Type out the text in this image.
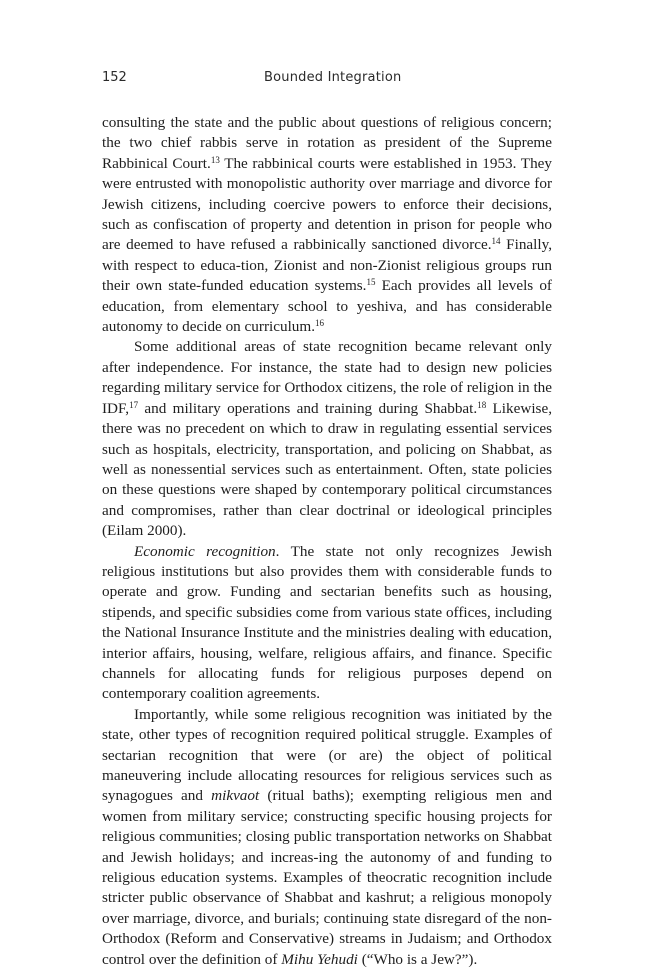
152	Bounded Integration

consulting the state and the public about questions of religious concern; the two chief rabbis serve in rotation as president of the Supreme Rabbinical Court.$^{13}$ The rabbinical courts were established in 1953. They were entrusted with monopolistic authority over marriage and divorce for Jewish citizens, including coercive powers to enforce their decisions, such as confiscation of property and detention in prison for people who are deemed to have refused a rabbinically sanctioned divorce.$^{14}$ Finally, with respect to educa-tion, Zionist and non-Zionist religious groups run their own state-funded education systems.$^{15}$ Each provides all levels of education, from elementary school to yeshiva, and has considerable autonomy to decide on curriculum.$^{16}$

Some additional areas of state recognition became relevant only after independence. For instance, the state had to design new policies regarding military service for Orthodox citizens, the role of religion in the IDF,$^{17}$ and military operations and training during Shabbat.$^{18}$ Likewise, there was no precedent on which to draw in regulating essential services such as hospitals, electricity, transportation, and policing on Shabbat, as well as nonessential services such as entertainment. Often, state policies on these questions were shaped by contemporary political circumstances and compromises, rather than clear doctrinal or ideological principles (Eilam 2000).

Economic recognition. The state not only recognizes Jewish religious institutions but also provides them with considerable funds to operate and grow. Funding and sectarian benefits such as housing, stipends, and specific subsidies come from various state offices, including the National Insurance Institute and the ministries dealing with education, interior affairs, housing, welfare, religious affairs, and finance. Specific channels for allocating funds for religious purposes depend on contemporary coalition agreements.

Importantly, while some religious recognition was initiated by the state, other types of recognition required political struggle. Examples of sectarian recognition that were (or are) the object of political maneuvering include allocating resources for religious services such as synagogues and mikvaot (ritual baths); exempting religious men and women from military service; constructing specific housing projects for religious communities; closing public transportation networks on Shabbat and Jewish holidays; and increas-ing the autonomy of and funding to religious education systems. Examples of theocratic recognition include stricter public observance of Shabbat and kashrut; a religious monopoly over marriage, divorce, and burials; continuing state disregard of the non-Orthodox (Reform and Conservative) streams in Judaism; and Orthodox control over the definition of Mihu Yehudi (“Who is a Jew?”).
